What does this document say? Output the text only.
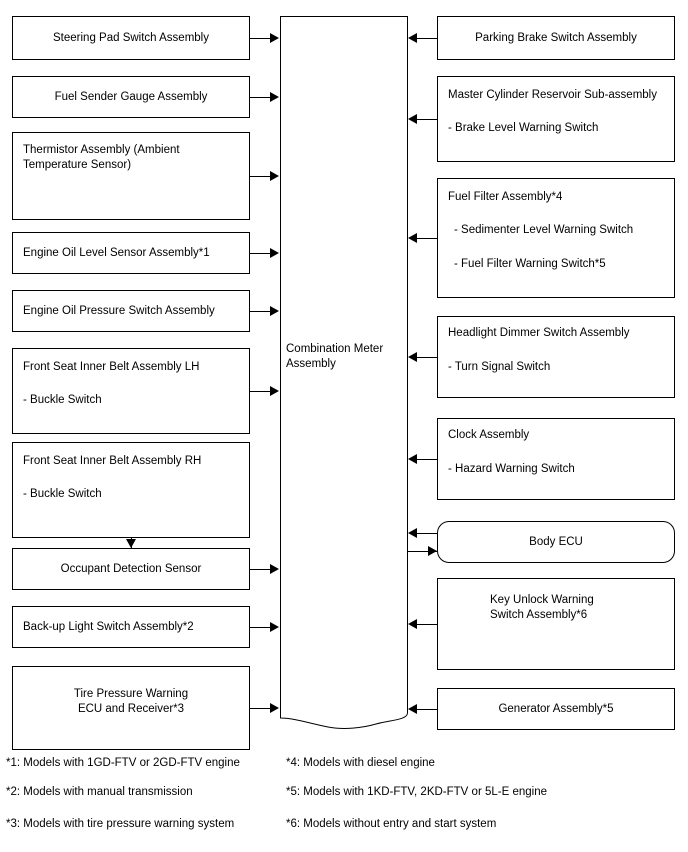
Combination Meter
Assembly
Steering Pad Switch Assembly
Fuel Sender Gauge Assembly
Thermistor Assembly (Ambient
Temperature Sensor)
Engine Oil Level Sensor Assembly*1
Engine Oil Pressure Switch Assembly
Front Seat Inner Belt Assembly LH
- Buckle Switch
Front Seat Inner Belt Assembly RH
- Buckle Switch
Occupant Detection Sensor
Back-up Light Switch Assembly*2
Tire Pressure Warning
ECU and Receiver*3
Parking Brake Switch Assembly
Master Cylinder Reservoir Sub-assembly
- Brake Level Warning Switch
Fuel Filter Assembly*4
- Sedimenter Level Warning Switch
- Fuel Filter Warning Switch*5
Headlight Dimmer Switch Assembly
- Turn Signal Switch
Clock Assembly
- Hazard Warning Switch
Body ECU
Key Unlock Warning
Switch Assembly*6
Generator Assembly*5
*1: Models with 1GD-FTV or 2GD-FTV engine
*2: Models with manual transmission
*3: Models with tire pressure warning system
*4: Models with diesel engine
*5: Models with 1KD-FTV, 2KD-FTV or 5L-E engine
*6: Models without entry and start system
